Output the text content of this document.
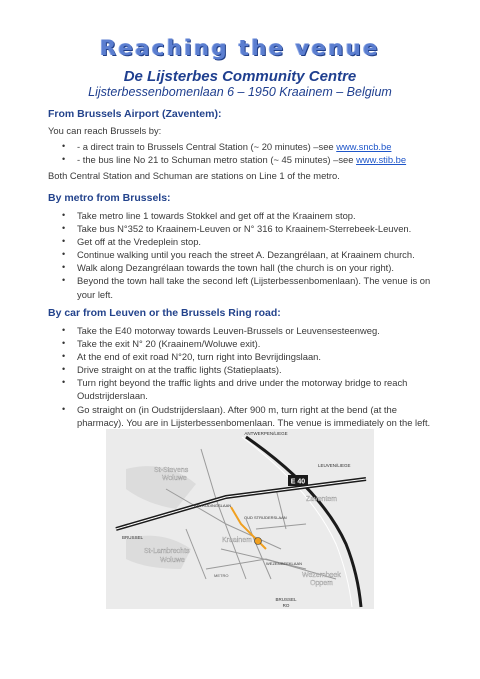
Reaching the venue
De Lijsterbes Community Centre
Lijsterbessenbomenlaan 6 – 1950 Kraainem – Belgium
From Brussels Airport (Zaventem):
You can reach Brussels by:
• - a direct train to Brussels Central Station (~ 20 minutes) –see www.sncb.be
• - the bus line No 21 to Schuman metro station (~ 45 minutes) –see www.stib.be
Both Central Station and Schuman are stations on Line 1 of the metro.
By metro from Brussels:
• Take metro line 1 towards Stokkel and get off at the Kraainem stop.
• Take bus N°352 to Kraainem-Leuven or N° 316 to Kraainem-Sterrebeek-Leuven.
• Get off at the Vredeplein stop.
• Continue walking until you reach the street A. Dezangrélaan, at Kraainem church.
• Walk along Dezangrélaan towards the town hall (the church is on your right).
• Beyond the town hall take the second left (Lijsterbessenbomenlaan). The venue is on your left.
By car from Leuven or the Brussels Ring road:
• Take the E40 motorway towards Leuven-Brussels or Leuvensesteenweg.
• Take the exit N° 20 (Kraainem/Woluwe exit).
• At the end of exit road N°20, turn right into Bevrijdingslaan.
• Drive straight on at the traffic lights (Statieplaats).
• Turn right beyond the traffic lights and drive under the motorway bridge to reach Oudstrijderslaan.
• Go straight on (in Oudstrijderslaan). After 900 m, turn right at the bend (at the pharmacy). You are in Lijsterbessenbomenlaan. The venue is immediately on the left.
E 40
ANTWERPEN/LIEGE
St-Stevens
Woluwe
Zaventem
LEUVEN/LIEGE
Kraainem
BRUSSEL
St-Lambrechts
Woluwe
Wezembeek
Oppem
BRUSSEL
RO
METRO
OUD STRIJDERSLAAN
BEVRIJDINGSLAAN
WEZEMBEEKLAAN
